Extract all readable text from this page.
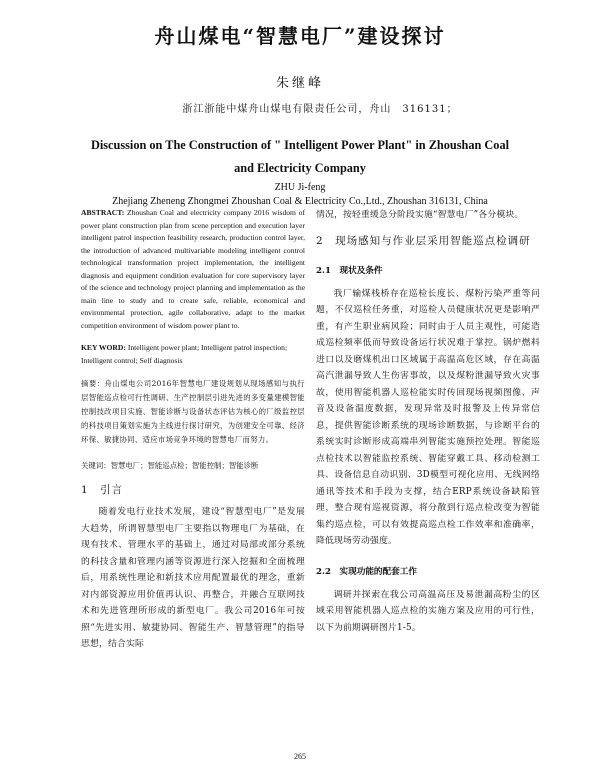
舟山煤电“智慧电厂”建设探讨
朱继峰
浙江浙能中煤舟山煤电有限责任公司，舟山　316131；
Discussion on The Construction of " Intelligent Power Plant" in Zhoushan Coal
and Electricity Company
ZHU Ji-feng
Zhejiang Zheneng Zhongmei Zhoushan Coal & Electricity Co.,Ltd., Zhoushan 316131, China

ABSTRACT: Zhoushan Coal and electricity company 2016 wisdom of power plant construction plan from scene perception and execution layer intelligent patrol inspection feasibility research, production control layer, the introduction of advanced multivariable modeling intelligent control technological transformation project implementation, the intelligent diagnosis and equipment condition evaluation for core supervisory layer of the science and technology project planning and implementation as the main line to study and to create safe, reliable, economical and environmental protection, agile collaborative, adapt to the market competition environment of wisdom power plant to.

KEY WORD: Intelligent power plant; Intelligent patrol inspection; Intelligent control; Self diagnosis

摘要：舟山煤电公司2016年智慧电厂建设规划从现场感知与执行层智能巡点检可行性调研、生产控制层引进先进的多变量建模智能控制技改项目实施、智能诊断与设备状态评估为核心的厂级监控层的科技项目策划实施为主线进行探讨研究，为创建安全可靠、经济环保、敏捷协同、适应市场竞争环境的智慧电厂而努力。

关键词：智慧电厂；智能巡点检；智能控制；智能诊断

1　引言

随着发电行业技术发展，建设“智慧型电厂”是发展大趋势，所谓智慧型电厂主要指以物理电厂为基础，在现有技术、管理水平的基础上，通过对局部或部分系统的科技含量和管理内涵等资源进行深入挖掘和全面梳理后，用系统性理论和新技术应用配置最优的理念，重新对内部资源应用价值再认识、再整合，并融合互联网技术和先进管理所形成的新型电厂。我公司2016年可按照“先进实用、敏捷协同、智能生产、智慧管理”的指导思想，结合实际

情况，按轻重缓急分阶段实施“智慧电厂”各分模块。

2　现场感知与作业层采用智能巡点检调研
2.1　现状及条件

我厂输煤栈桥存在巡检长度长、煤粉污染严重等问题，不仅巡检任务重，对巡检人员健康状况更是影响严重，有产生职业病风险；同时由于人员主观性，可能造成巡检频率低而导致设备运行状况难于掌控。锅炉燃料进口以及磨煤机出口区域属于高温高危区域，存在高温高汽泄漏导致人生伤害事故，以及煤粉泄漏导致火灾事故，使用智能机器人巡检能实时传回现场视频图像、声音及设备温度数据，发现异常及时报警及上传异常信息，提供智能诊断系统的现场诊断数据，与诊断平台的系统实时诊断形成高端串列智能实施预控处理。智能巡点检技术以智能监控系统、智能穿戴工具、移动检测工具、设备信息自动识别、3D模型可视化应用、无线网络通讯等技术和手段为支撑，结合ERP系统设备缺陷管理，整合现有巡视资源，将分散到行巡点检改变为智能集约巡点检，可以有效提高巡点检工作效率和准确率，降低现场劳动强度。

2.2　实现功能的配套工作

调研并探索在我公司高温高压及易泄漏高粉尘的区域采用智能机器人巡点检的实施方案及应用的可行性，以下为前期调研图片1-5。

265
